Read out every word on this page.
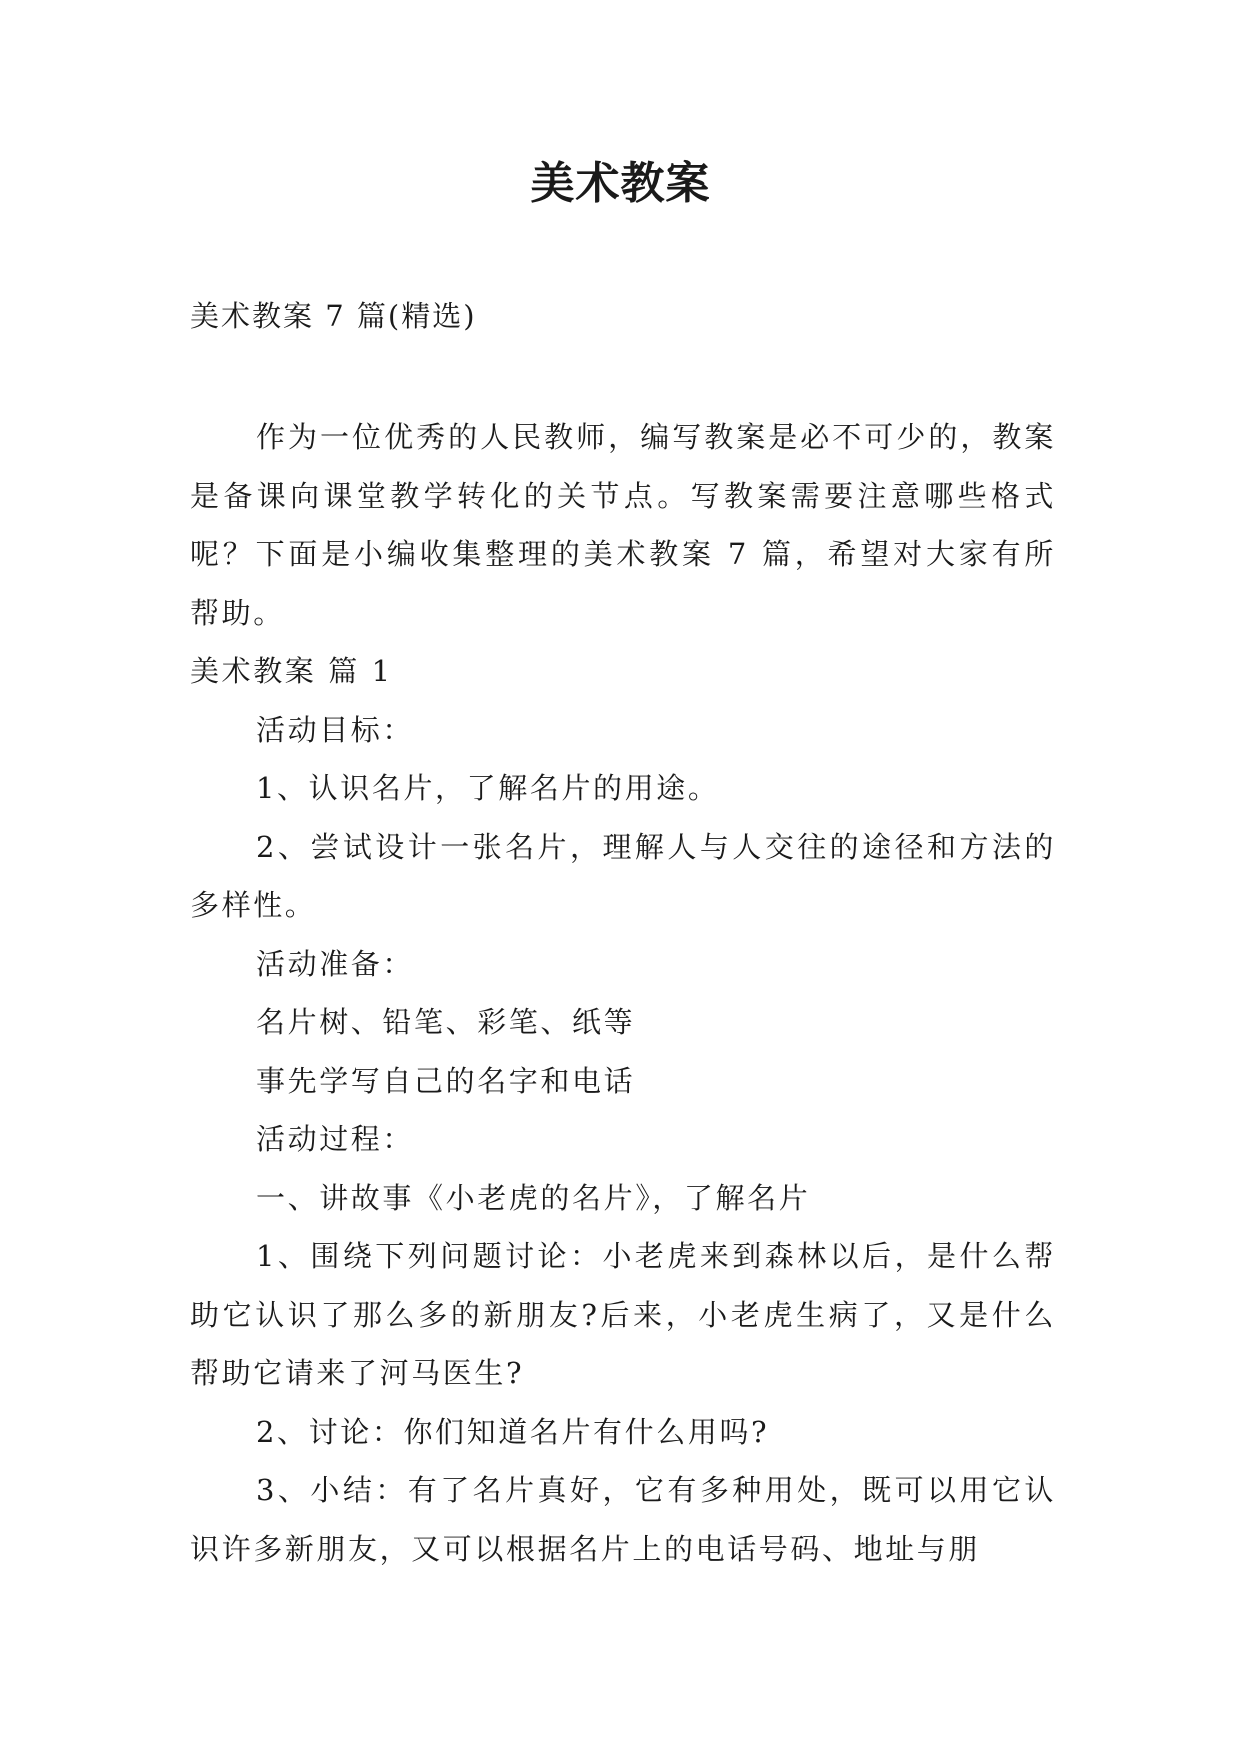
美术教案
美术教案 7 篇(精选)

作为一位优秀的人民教师，编写教案是必不可少的，教案是备课向课堂教学转化的关节点。写教案需要注意哪些格式呢？下面是小编收集整理的美术教案 7 篇，希望对大家有所帮助。

美术教案 篇 1

活动目标：

1、认识名片，了解名片的用途。

2、尝试设计一张名片，理解人与人交往的途径和方法的多样性。

活动准备：

名片树、铅笔、彩笔、纸等

事先学写自己的名字和电话

活动过程：

一、讲故事《小老虎的名片》，了解名片

1、围绕下列问题讨论：小老虎来到森林以后，是什么帮助它认识了那么多的新朋友?后来，小老虎生病了，又是什么帮助它请来了河马医生?

2、讨论：你们知道名片有什么用吗?

3、小结：有了名片真好，它有多种用处，既可以用它认识许多新朋友，又可以根据名片上的电话号码、地址与朋
